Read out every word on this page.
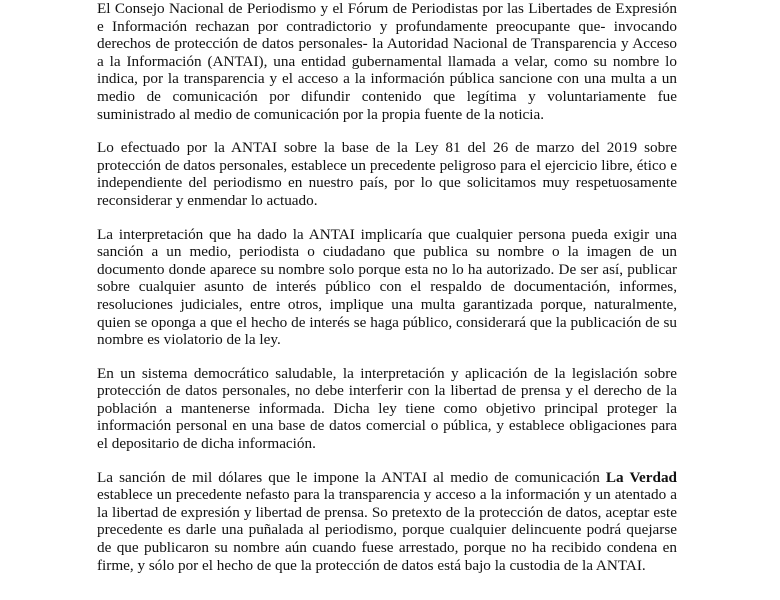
El Consejo Nacional de Periodismo y el Fórum de Periodistas por las Libertades de Expresión e Información rechazan por contradictorio y profundamente preocupante que- invocando derechos de protección de datos personales- la Autoridad Nacional de Transparencia y Acceso a la Información (ANTAI), una entidad gubernamental llamada a velar, como su nombre lo indica, por la transparencia y el acceso a la información pública sancione con una multa a un medio de comunicación por difundir contenido que legítima y voluntariamente fue suministrado al medio de comunicación por la propia fuente de la noticia.

Lo efectuado por la ANTAI sobre la base de la Ley 81 del 26 de marzo del 2019 sobre protección de datos personales, establece un precedente peligroso para el ejercicio libre, ético e independiente del periodismo en nuestro país, por lo que solicitamos muy respetuosamente reconsiderar y enmendar lo actuado.

La interpretación que ha dado la ANTAI implicaría que cualquier persona pueda exigir una sanción a un medio, periodista o ciudadano que publica su nombre o la imagen de un documento donde aparece su nombre solo porque esta no lo ha autorizado. De ser así, publicar sobre cualquier asunto de interés público con el respaldo de documentación, informes, resoluciones judiciales, entre otros, implique una multa garantizada porque, naturalmente, quien se oponga a que el hecho de interés se haga público, considerará que la publicación de su nombre es violatorio de la ley.

En un sistema democrático saludable, la interpretación y aplicación de la legislación sobre protección de datos personales, no debe interferir con la libertad de prensa y el derecho de la población a mantenerse informada. Dicha ley tiene como objetivo principal proteger la información personal en una base de datos comercial o pública, y establece obligaciones para el depositario de dicha información.

La sanción de mil dólares que le impone la ANTAI al medio de comunicación La Verdad establece un precedente nefasto para la transparencia y acceso a la información y un atentado a la libertad de expresión y libertad de prensa. So pretexto de la protección de datos, aceptar este precedente es darle una puñalada al periodismo, porque cualquier delincuente podrá quejarse de que publicaron su nombre aún cuando fuese arrestado, porque no ha recibido condena en firme, y sólo por el hecho de que la protección de datos está bajo la custodia de la ANTAI.
